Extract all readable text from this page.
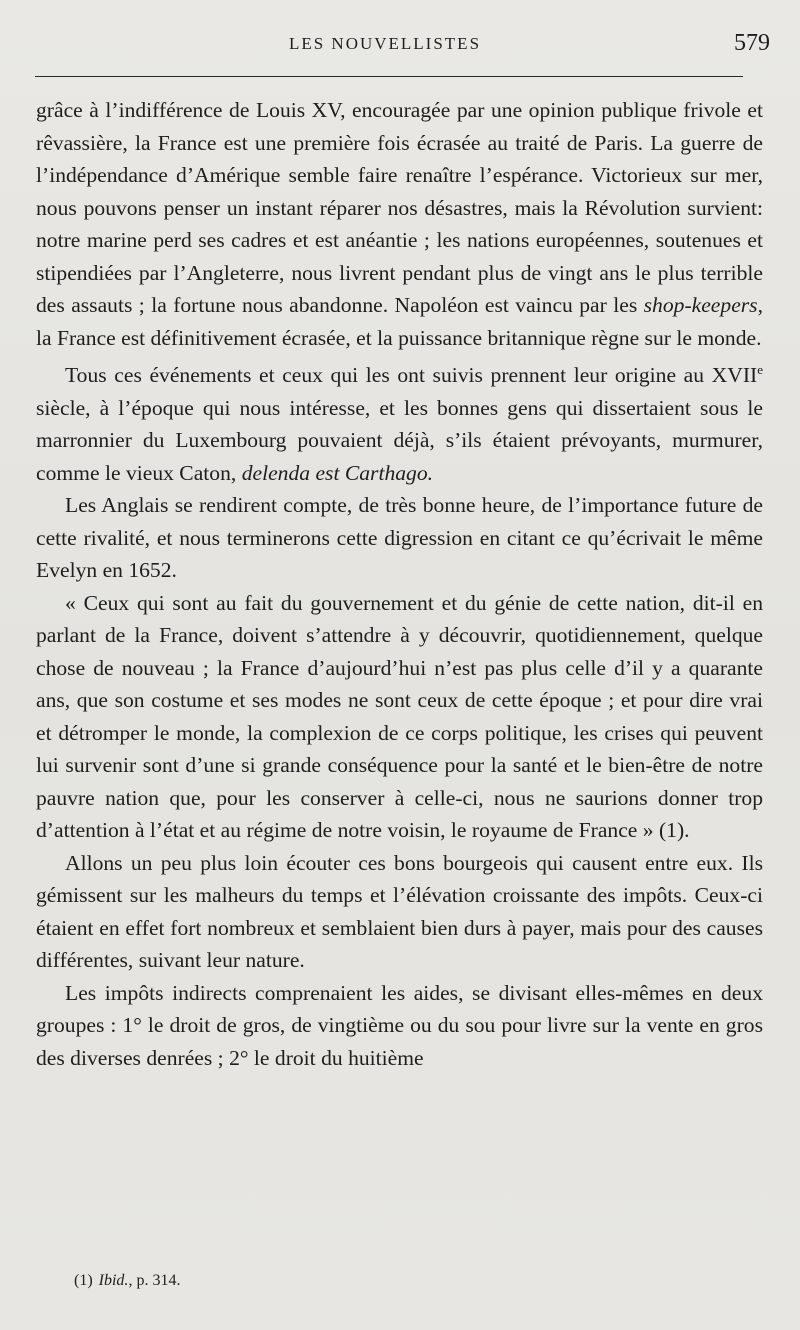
LES NOUVELLISTES	579

grâce à l’indifférence de Louis XV, encouragée par une opinion publique frivole et rêvassière, la France est une première fois écrasée au traité de Paris. La guerre de l’indépendance d’Amérique semble faire renaître l’espérance. Victorieux sur mer, nous pouvons penser un instant réparer nos désastres, mais la Révolution survient: notre marine perd ses cadres et est anéantie ; les nations européennes, soutenues et stipendiées par l’Angleterre, nous livrent pendant plus de vingt ans le plus terrible des assauts ; la fortune nous abandonne. Napoléon est vaincu par les shop-keepers, la France est définitivement écrasée, et la puissance britannique règne sur le monde.

Tous ces événements et ceux qui les ont suivis prennent leur origine au XVIIe siècle, à l’époque qui nous intéresse, et les bonnes gens qui dissertaient sous le marronnier du Luxembourg pouvaient déjà, s’ils étaient prévoyants, murmurer, comme le vieux Caton, delenda est Carthago.

Les Anglais se rendirent compte, de très bonne heure, de l’importance future de cette rivalité, et nous terminerons cette digression en citant ce qu’écrivait le même Evelyn en 1652.

« Ceux qui sont au fait du gouvernement et du génie de cette nation, dit-il en parlant de la France, doivent s’attendre à y découvrir, quotidiennement, quelque chose de nouveau ; la France d’aujourd’hui n’est pas plus celle d’il y a quarante ans, que son costume et ses modes ne sont ceux de cette époque ; et pour dire vrai et détromper le monde, la complexion de ce corps politique, les crises qui peuvent lui survenir sont d’une si grande conséquence pour la santé et le bien-être de notre pauvre nation que, pour les conserver à celle-ci, nous ne saurions donner trop d’attention à l’état et au régime de notre voisin, le royaume de France » (1).

Allons un peu plus loin écouter ces bons bourgeois qui causent entre eux. Ils gémissent sur les malheurs du temps et l’élévation croissante des impôts. Ceux-ci étaient en effet fort nombreux et semblaient bien durs à payer, mais pour des causes différentes, suivant leur nature.

Les impôts indirects comprenaient les aides, se divisant elles-mêmes en deux groupes : 1° le droit de gros, de vingtième ou du sou pour livre sur la vente en gros des diverses denrées ; 2° le droit du huitième

(1) Ibid., p. 314.
